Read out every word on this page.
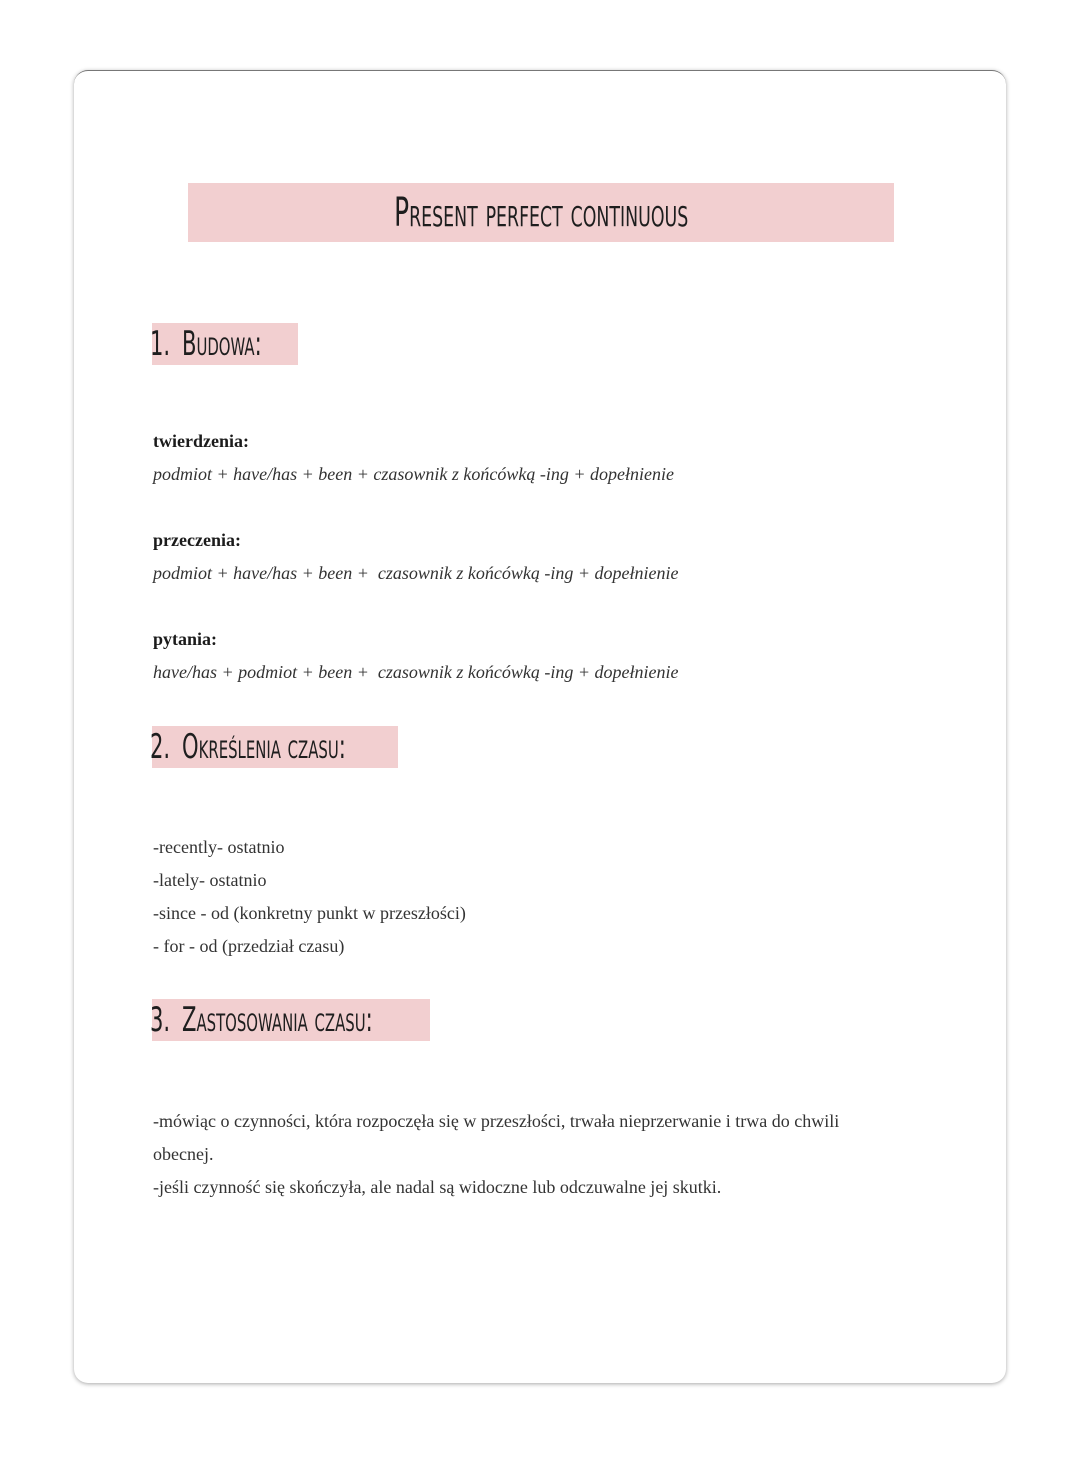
Present perfect continuous
1. Budowa:
twierdzenia:
podmiot + have/has + been + czasownik z końcówką -ing + dopełnienie
przeczenia:
podmiot + have/has + been +  czasownik z końcówką -ing + dopełnienie
pytania:
have/has + podmiot + been +  czasownik z końcówką -ing + dopełnienie
2. Określenia czasu:
-recently- ostatnio
-lately- ostatnio
-since - od (konkretny punkt w przeszłości)
- for - od (przedział czasu)
3. Zastosowania czasu:
-mówiąc o czynności, która rozpoczęła się w przeszłości, trwała nieprzerwanie i trwa do chwili obecnej.
-jeśli czynność się skończyła, ale nadal są widoczne lub odczuwalne jej skutki.
